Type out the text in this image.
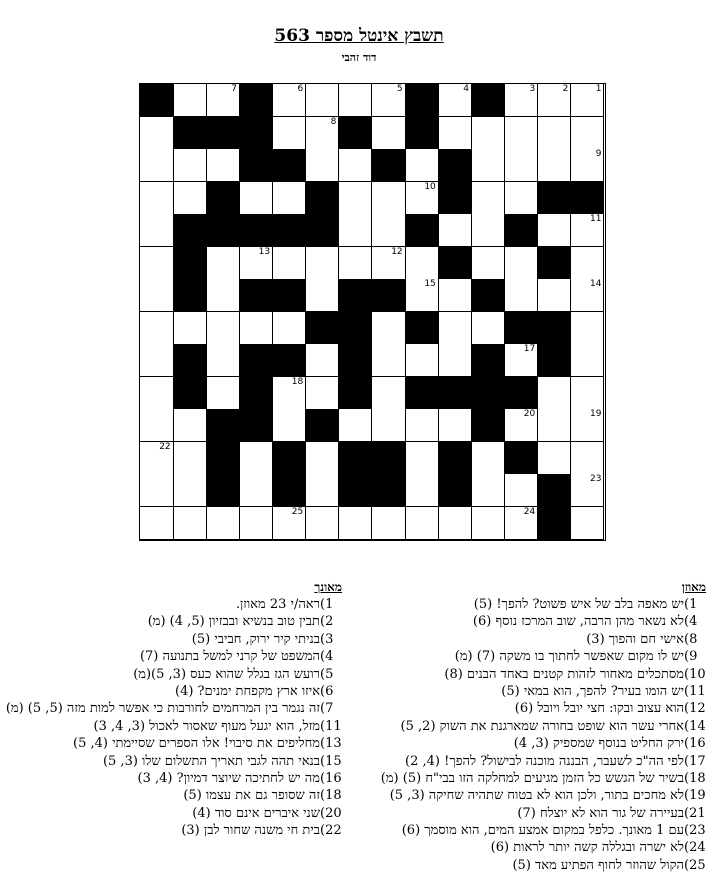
תשבץ אינטל מספר 563
דוד זהבי
1
2
3
4
5
6
7
8
9
10
11
12
13
14
15
16
17
18
19
20
21
22
23
24
25
מאוזן
1)
יש מאפה בלב של איש פשוט? להפך! (5)
4)
לא נשאר מהן הרבה, שוב המרכז נוסף (6)
8)
אישי חם והפוך (3)
9)
יש לו מקום שאפשר לחתוך בו משקה (7) (מ)
10)
מסתכלים מאחור לזהות קטנים באחד הבנים (8)
11)
יש הומו בעיר? להפך, הוא במאי (5)
12)
הוא עצוב ובקו: חצי יובל ויובל (6)
14)
אחרי עשר הוא שופט בחורה שמארגנת את השוק (2, 5)
16)
ירק החליט בנוסף שמספיק (3, 4)
17)
לפי הה"כ לשעבר, הבננה מוכנה לבישול? להפך! (4, 2)
18)
בשיר של הגשש כל הזמן מגיעים למחלקה הזו בבי"ח (5) (מ)
19)
לא מחכים בתור, ולכן הוא לא בטוח שתהיה שחיקה (3, 5)
21)
בעיירה של גור הוא לא יוצלח (7)
23)
עם 1 מאונך. כלפל במקום אמצע המים, הוא מוסמך (6)
24)
לא ישרה ובגללה קשה יותר לראות (6)
25)
הקול שהוזר לחוף הפתיע מאד (5)
מאונך
1)
ראה/י 23 מאוזן.
2)
תבין טוב בנשיא ובבזיון (5, 4) (מ)
3)
בניתי קיר ירוק, חביבי (5)
4)
המשפט של קרני למשל בתנועה (7)
5)
רועש הגז בגלל שהוא כעס (3, 5)(מ)
6)
איזו ארץ מקפחת ימנים? (4)
7)
זה נגמר בין המרחמים לחורבות כי אפשר למות מזה (5, 5) (מ)
11)
מזל, הוא יגעל מעוף שאסור לאכול (3, 4, 3)
13)
מחליפים את סיבוי! אלו הספרים שסיימתי (4, 5)
15)
בנאי תהה לגבי תאריך התשלום שלו (3, 5)
16)
מה יש לחתיכה שיוצר דמיון? (4, 3)
18)
זה שסופר גם את עצמו (5)
20)
שני איברים אינם סוד (4)
22)
בית חי משנה שחור לבן (3)
